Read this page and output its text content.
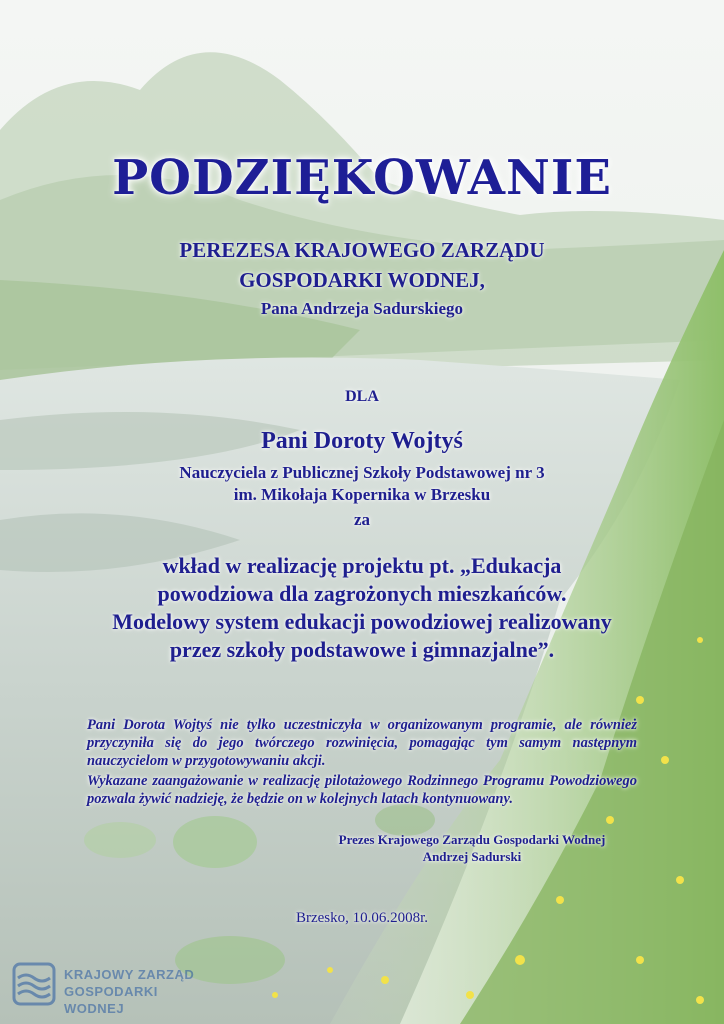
PODZIĘKOWANIE
PEREZESA KRAJOWEGO ZARZĄDU
GOSPODARKI WODNEJ,
Pana Andrzeja Sadurskiego
DLA
Pani Doroty Wojtyś
Nauczyciela z Publicznej Szkoły Podstawowej nr 3
im. Mikołaja Kopernika w Brzesku
za
wkład w realizację projektu pt. „Edukacja
powodziowa dla zagrożonych mieszkańców.
Modelowy system edukacji powodziowej realizowany
przez szkoły podstawowe i gimnazjalne”.
Pani Dorota Wojtyś nie tylko uczestniczyła w organizowanym programie, ale również przyczyniła się do jego twórczego rozwinięcia, pomagając tym samym następnym nauczycielom w przygotowywaniu akcji.
Wykazane zaangażowanie w realizację pilotażowego Rodzinnego Programu Powodziowego pozwala żywić nadzieję, że będzie on w kolejnych latach kontynuowany.
Prezes Krajowego Zarządu Gospodarki Wodnej
Andrzej Sadurski
Brzesko, 10.06.2008r.
KRAJOWY ZARZĄD
GOSPODARKI WODNEJ
